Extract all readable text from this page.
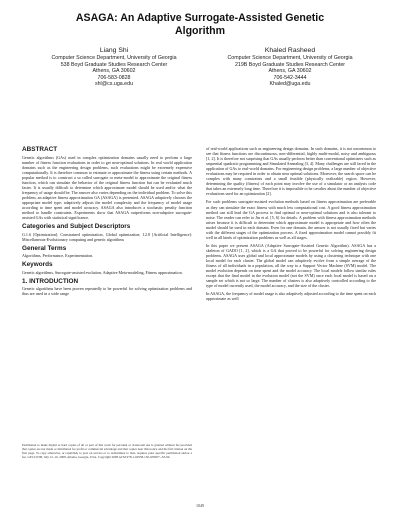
ASAGA: An Adaptive Surrogate-Assisted Genetic
Algorithm
Liang Shi
Computer Science Department, University of Georgia
538 Boyd Graduate Studies Research Center
Athens, GA 30602
706-583-0828
shl@cs.uga.edu
Khaled Rasheed
Computer Science Department, University of Georgia
219B Boyd Graduate Studies Research Center
Athens, GA 30602
706-542-3444
Khaled@uga.edu
ABSTRACT

Genetic algorithms (GAs) used in complex optimization domains usually need to perform a large number of fitness function evaluations in order to get near-optimal solutions. In real world application domains such as the engineering design problems, such evaluations might be extremely expensive computationally. It is therefore common to estimate or approximate the fitness using certain methods. A popular method is to construct a so called surrogate or meta-model to approximate the original fitness function, which can simulate the behavior of the original fitness function but can be evaluated much faster. It is usually difficult to determine which approximate model should be used and/or what the frequency of usage should be. The answer also varies depending on the individual problem. To solve this problem, an adaptive fitness approximation GA (ASAGA) is presented. ASAGA adaptively chooses the appropriate model type; adaptively adjusts the model complexity and the frequency of model usage according to time spent and model accuracy. ASAGA also introduces a stochastic penalty function method to handle constraints. Experiments show that ASAGA outperforms non-adaptive surrogate-assisted GAs with statistical significance.

Categories and Subject Descriptors

G.1.6 [Optimization]: Constrained optimization, Global optimization; I.2.8 [Artificial Intelligence]: Miscellaneous-Evolutionary computing and genetic algorithms

General Terms

Algorithms, Performance, Experimentation.

Keywords

Genetic algorithms, Surrogate-assisted evolution, Adaptive Meta-modeling, Fitness approximation.

1. INTRODUCTION

Genetic algorithms have been proven repeatedly to be powerful for solving optimization problems and thus are used in a wide range

Permission to make digital or hard copies of all or part of this work for personal or classroom use is granted without fee provided that copies are not made or distributed for profit or commercial advantage and that copies bear this notice and the full citation on the first page. To copy otherwise, or republish, to post on servers or to redistribute to lists, requires prior specific permission and/or a fee. GECCO'08, July 12–16, 2008, Atlanta, Georgia, USA. Copyright 2008 ACM 978-1-60558-130-9/08/07...$5.00.

of real-world applications such as engineering design domains. In such domains, it is not uncommon to see that fitness functions are discontinuous, non-differential, highly multi-modal, noisy and ambiguous [1, 2]. It is therefore not surprising that GAs usually perform better than conventional optimizers such as sequential quadratic programming and Simulated Annealing [3, 4]. Many challenges are still faced in the application of GAs to real-world domains. For engineering design problems, a large number of objective evaluations may be required in order to obtain near optimal solutions. Moreover, the search space can be complex with many constraints and a small feasible (physically realizable) region. However, determining the quality (fitness) of each point may involve the use of a simulator or an analysis code that takes an extremely long time. Therefore it is impossible to be cavalier about the number of objective evaluations used for an optimization [2].

For such problems surrogate-assisted evolution methods based on fitness approximation are preferable as they can simulate the exact fitness with much less computational cost. A good fitness approximation method can still lead the GA process to find optimal or near-optimal solutions and is also tolerant to noise. The reader can refer to Jin et al. [5, 6] for details. A problem with fitness approximation methods arises because it is difficult to determine which approximate model is appropriate and how often the model should be used in each domain. Even for one domain, the answer is not usually fixed but varies with the different stages of the optimization process. A fixed approximation model cannot possibly fit well in all kinds of optimization problems as well as all stages.

In this paper we present ASAGA (Adaptive Surrogate-Assisted Genetic Algorithm). ASAGA has a skeleton of GADO [1, 2], which is a GA that proved to be powerful for solving engineering design problems. ASAGA uses global and local approximate models by using a clustering technique with one local model for each cluster. The global model can adaptively evolve from a simple average of the fitness of all individuals in a population, all the way to a Support Vector Machine (SVM) model. The model evolution depends on time spent and the model accuracy. The local models follow similar rules except that the final model in the evolution model (not the SVM) once each local model is based on a sample set which is not so large. The number of clusters is also adaptively controlled according to the type of model currently used, the model accuracy, and the size of the cluster.

In ASAGA, the frequency of model usage is also adaptively adjusted according to the time spent on each approximate as well

1049
